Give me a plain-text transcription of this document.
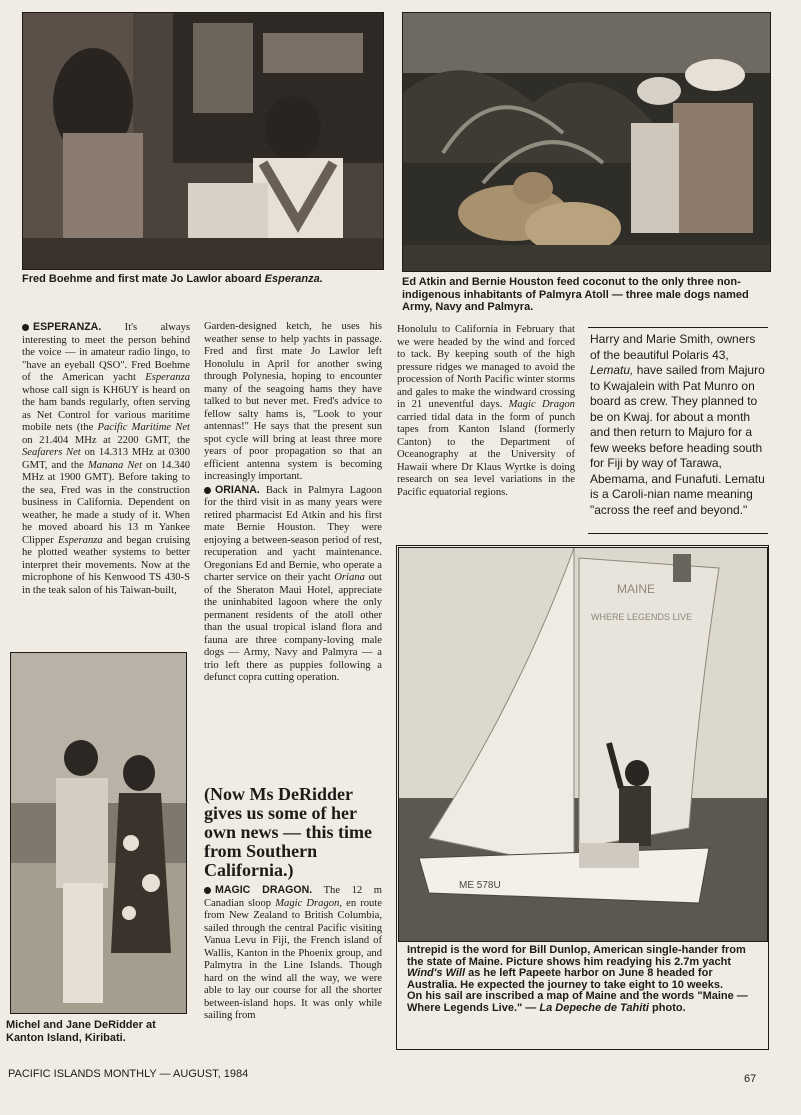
Fred Boehme and first mate Jo Lawlor aboard Esperanza.	Ed Atkin and Bernie Houston feed coconut to the only three non-indigenous inhabitants of Palmyra Atoll — three male dogs named Army, Navy and Palmyra.

ESPERANZA. It's always interesting to meet the person behind the voice — in amateur radio lingo, to "have an eyeball QSO". Fred Boehme of the American yacht Esperanza whose call sign is KH6UY is heard on the ham bands regularly, often serving as Net Control for various maritime mobile nets (the Pacific Maritime Net on 21.404 MHz at 2200 GMT, the Seafarers Net on 14.313 MHz at 0300 GMT, and the Manana Net on 14.340 MHz at 1900 GMT). Before taking to the sea, Fred was in the construction business in California. Dependent on weather, he made a study of it. When he moved aboard his 13 m Yankee Clipper Esperanza and began cruising he plotted weather systems to better interpret their movements. Now at the microphone of his Kenwood TS 430-S in the teak salon of his Taiwan-built,

Michel and Jane DeRidder at Kanton Island, Kiribati.

Garden-designed ketch, he uses his weather sense to help yachts in passage. Fred and first mate Jo Lawlor left Honolulu in April for another swing through Polynesia, hoping to encounter many of the seagoing hams they have talked to but never met. Fred's advice to fellow salty hams is, "Look to your antennas!" He says that the present sun spot cycle will bring at least three more years of poor propagation so that an efficient antenna system is becoming increasingly important.

ORIANA. Back in Palmyra Lagoon for the third visit in as many years were retired pharmacist Ed Atkin and his first mate Bernie Houston. They were enjoying a between-season period of rest, recuperation and yacht maintenance. Oregonians Ed and Bernie, who operate a charter service on their yacht Oriana out of the Sheraton Maui Hotel, appreciate the uninhabited lagoon where the only permanent residents of the atoll other than the usual tropical island flora and fauna are three company-loving male dogs — Army, Navy and Palmyra — a trio left there as puppies following a defunct copra cutting operation.

(Now Ms DeRidder gives us some of her own news — this time from Southern California.)

MAGIC DRAGON. The 12 m Canadian sloop Magic Dragon, en route from New Zealand to British Columbia, sailed through the central Pacific visiting Vanua Levu in Fiji, the French island of Wallis, Kanton in the Phoenix group, and Palmytra in the Line Islands. Though hard on the wind all the way, we were able to lay our course for all the shorter between-island hops. It was only while sailing from

Honolulu to California in February that we were headed by the wind and forced to tack. By keeping south of the high pressure ridges we managed to avoid the procession of North Pacific winter storms and gales to make the windward crossing in 21 uneventful days. Magic Dragon carried tidal data in the form of punch tapes from Kanton Island (formerly Canton) to the Department of Oceanography at the University of Hawaii where Dr Klaus Wyrtke is doing research on sea level variations in the Pacific equatorial regions.

Harry and Marie Smith, owners of the beautiful Polaris 43, Lematu, have sailed from Majuro to Kwajalein with Pat Munro on board as crew. They planned to be on Kwaj. for about a month and then return to Majuro for a few weeks before heading south for Fiji by way of Tarawa, Abemama, and Funafuti. Lematu is a Caroli-nian name meaning "across the reef and beyond."
MAINE
WHERE LEGENDS LIVE
ME 578U
Intrepid is the word for Bill Dunlop, American single-hander from the state of Maine. Picture shows him readying his 2.7m yacht Wind's Will as he left Papeete harbor on June 8 headed for Australia. He expected the journey to take eight to 10 weeks.
On his sail are inscribed a map of Maine and the words "Maine — Where Legends Live." — La Depeche de Tahiti photo.
PACIFIC ISLANDS MONTHLY — AUGUST, 1984	67
